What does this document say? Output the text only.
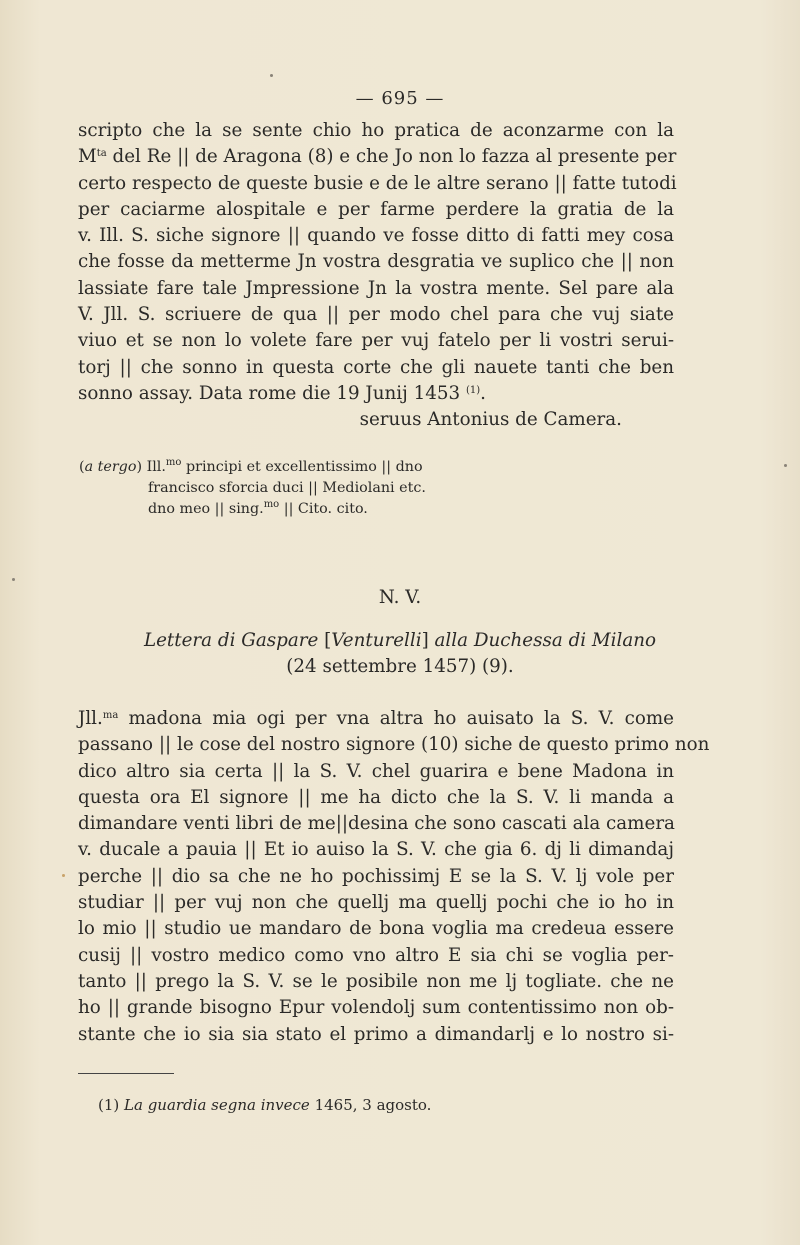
— 695 —
scripto che la se sente chio ho pratica de aconzarme con la
$M^{ta}$ del Re || de Aragona (8) e che Jo non lo fazza al presente per
certo respecto de queste busie e de le altre serano || fatte tutodi
per caciarme alospitale e per farme perdere la gratia de la
v. Ill. S. siche signore || quando ve fosse ditto di fatti mey cosa
che fosse da metterme Jn vostra desgratia ve suplico che || non
lassiate fare tale Jmpressione Jn la vostra mente. Sel pare ala
V. Jll. S. scriuere de qua || per modo chel para che vuj siate
viuo et se non lo volete fare per vuj fatelo per li vostri serui-
torj || che sonno in questa corte che gli nauete tanti che ben
sonno assay. Data rome die 19 Junij 1453 $^{(1)}$.
seruus Antonius de Camera.
(a tergo) Ill.$^{mo}$ principi et excellentissimo || dno
francisco sforcia duci || Mediolani etc.
dno meo || sing.$^{mo}$ || Cito. cito.
N. V.
Lettera di Gaspare [Venturelli] alla Duchessa di Milano
(24 settembre 1457) (9).
Jll.$^{ma}$ madona mia ogi per vna altra ho auisato la S. V. come
passano || le cose del nostro signore (10) siche de questo primo non
dico altro sia certa || la S. V. chel guarira e bene Madona in
questa ora El signore || me ha dicto che la S. V. li manda a
dimandare venti libri de me||desina che sono cascati ala camera
v. ducale a pauia || Et io auiso la S. V. che gia 6. dj li dimandaj
perche || dio sa che ne ho pochissimj E se la S. V. lj vole per
studiar || per vuj non che quellj ma quellj pochi che io ho in
lo mio || studio ue mandaro de bona voglia ma credeua essere
cusij || vostro medico como vno altro E sia chi se voglia per-
tanto || prego la S. V. se le posibile non me lj togliate. che ne
ho || grande bisogno Epur volendolj sum contentissimo non ob-
stante che io sia sia stato el primo a dimandarlj e lo nostro si-
(1) La guardia segna invece 1465, 3 agosto.
